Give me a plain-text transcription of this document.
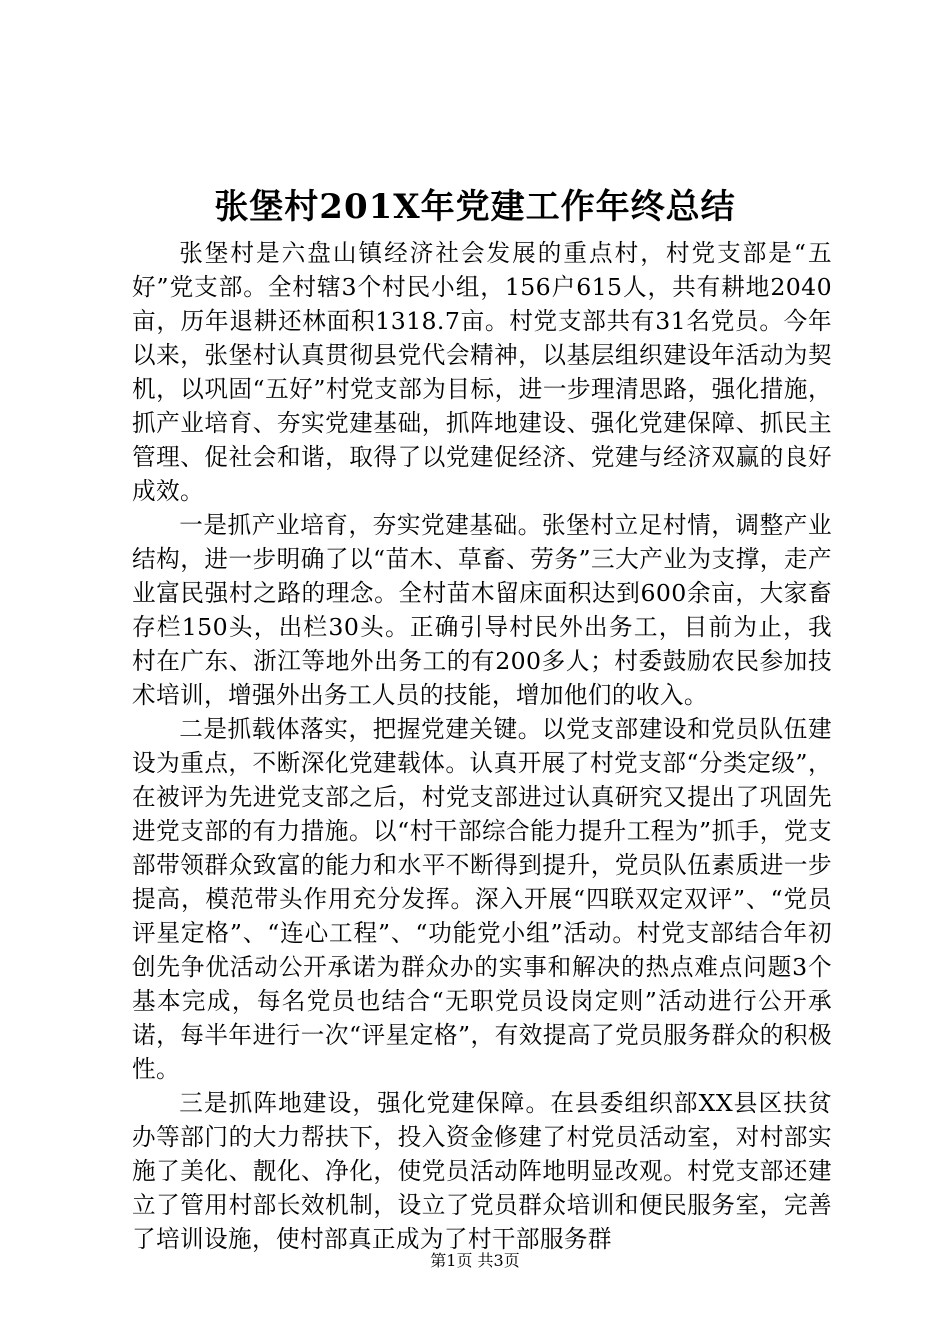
张堡村201X年党建工作年终总结

张堡村是六盘山镇经济社会发展的重点村，村党支部是“五好”党支部。全村辖3个村民小组，156户615人，共有耕地2040亩，历年退耕还林面积1318.7亩。村党支部共有31名党员。今年以来，张堡村认真贯彻县党代会精神，以基层组织建设年活动为契机，以巩固“五好”村党支部为目标，进一步理清思路，强化措施，抓产业培育、夯实党建基础，抓阵地建设、强化党建保障、抓民主管理、促社会和谐，取得了以党建促经济、党建与经济双赢的良好成效。

一是抓产业培育，夯实党建基础。张堡村立足村情，调整产业结构，进一步明确了以“苗木、草畜、劳务”三大产业为支撑，走产业富民强村之路的理念。全村苗木留床面积达到600余亩，大家畜存栏150头，出栏30头。正确引导村民外出务工，目前为止，我村在广东、浙江等地外出务工的有200多人；村委鼓励农民参加技术培训，增强外出务工人员的技能，增加他们的收入。

二是抓载体落实，把握党建关键。以党支部建设和党员队伍建设为重点，不断深化党建载体。认真开展了村党支部“分类定级”，在被评为先进党支部之后，村党支部进过认真研究又提出了巩固先进党支部的有力措施。以“村干部综合能力提升工程为”抓手，党支部带领群众致富的能力和水平不断得到提升，党员队伍素质进一步提高，模范带头作用充分发挥。深入开展“四联双定双评”、“党员评星定格”、“连心工程”、“功能党小组”活动。村党支部结合年初创先争优活动公开承诺为群众办的实事和解决的热点难点问题3个基本完成，每名党员也结合“无职党员设岗定则”活动进行公开承诺，每半年进行一次“评星定格”，有效提高了党员服务群众的积极性。

三是抓阵地建设，强化党建保障。在县委组织部XX县区扶贫办等部门的大力帮扶下，投入资金修建了村党员活动室，对村部实施了美化、靓化、净化，使党员活动阵地明显改观。村党支部还建立了管用村部长效机制，设立了党员群众培训和便民服务室，完善了培训设施，使村部真正成为了村干部服务群

第1页 共3页
